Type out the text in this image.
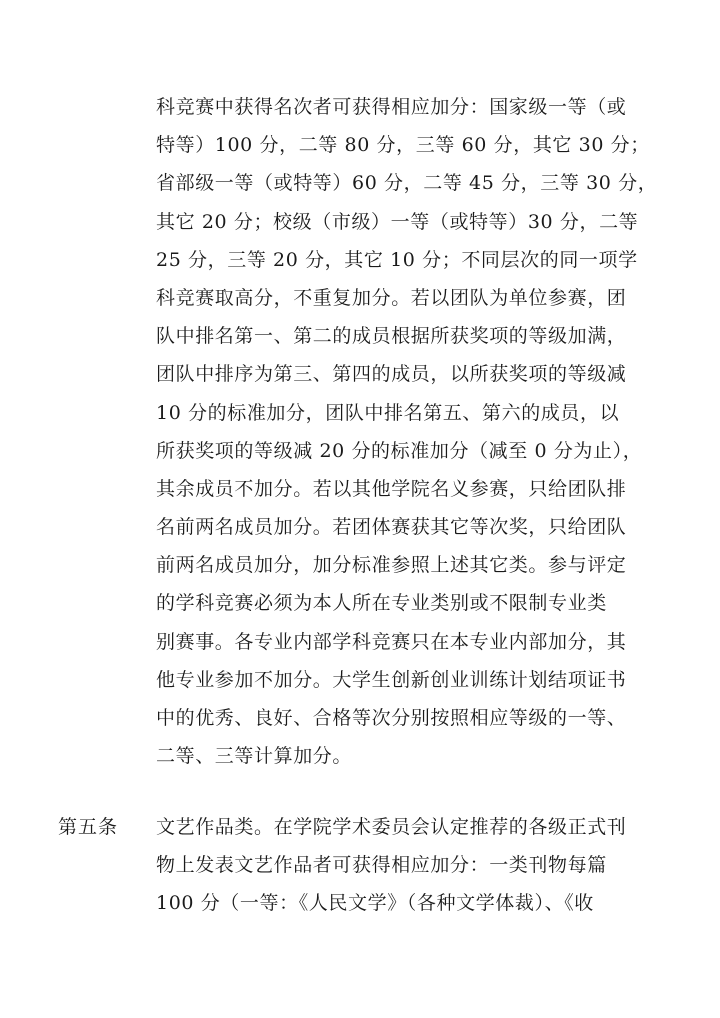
科竞赛中获得名次者可获得相应加分：国家级一等（或
特等）100 分，二等 80 分，三等 60 分，其它 30 分；
省部级一等（或特等）60 分，二等 45 分，三等 30 分，
其它 20 分；校级（市级）一等（或特等）30 分，二等
25 分，三等 20 分，其它 10 分；不同层次的同一项学
科竞赛取高分，不重复加分。若以团队为单位参赛，团
队中排名第一、第二的成员根据所获奖项的等级加满，
团队中排序为第三、第四的成员，以所获奖项的等级减
10 分的标准加分，团队中排名第五、第六的成员，以
所获奖项的等级减 20 分的标准加分（减至 0 分为止），
其余成员不加分。若以其他学院名义参赛，只给团队排
名前两名成员加分。若团体赛获其它等次奖，只给团队
前两名成员加分，加分标准参照上述其它类。参与评定
的学科竞赛必须为本人所在专业类别或不限制专业类
别赛事。各专业内部学科竞赛只在本专业内部加分，其
他专业参加不加分。大学生创新创业训练计划结项证书
中的优秀、良好、合格等次分别按照相应等级的一等、
二等、三等计算加分。
第五条 文艺作品类。在学院学术委员会认定推荐的各级正式刊
物上发表文艺作品者可获得相应加分：一类刊物每篇
100 分（一等：《人民文学》（各种文学体裁）、《收
